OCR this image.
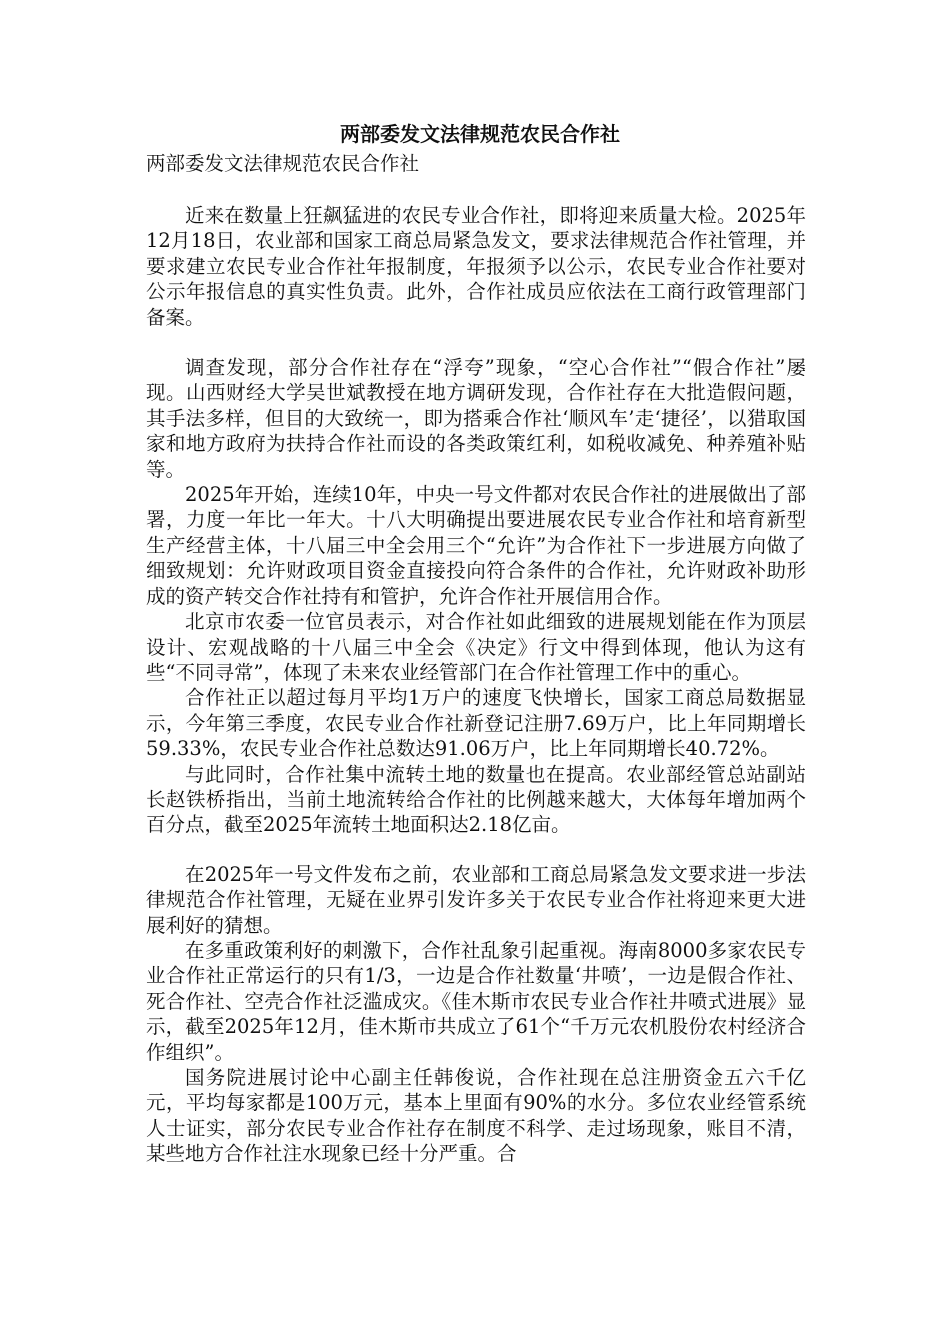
两部委发文法律规范农民合作社

两部委发文法律规范农民合作社

近来在数量上狂飙猛进的农民专业合作社，即将迎来质量大检。2025年12月18日，农业部和国家工商总局紧急发文，要求法律规范合作社管理，并要求建立农民专业合作社年报制度，年报须予以公示，农民专业合作社要对公示年报信息的真实性负责。此外，合作社成员应依法在工商行政管理部门备案。

调查发现，部分合作社存在“浮夸”现象，“空心合作社”“假合作社”屡现。山西财经大学吴世斌教授在地方调研发现，合作社存在大批造假问题，其手法多样，但目的大致统一，即为搭乘合作社‘顺风车’走‘捷径’，以猎取国家和地方政府为扶持合作社而设的各类政策红利，如税收减免、种养殖补贴等。

2025年开始，连续10年，中央一号文件都对农民合作社的进展做出了部署，力度一年比一年大。十八大明确提出要进展农民专业合作社和培育新型生产经营主体，十八届三中全会用三个“允许”为合作社下一步进展方向做了细致规划：允许财政项目资金直接投向符合条件的合作社，允许财政补助形成的资产转交合作社持有和管护，允许合作社开展信用合作。

北京市农委一位官员表示，对合作社如此细致的进展规划能在作为顶层设计、宏观战略的十八届三中全会《决定》行文中得到体现，他认为这有些“不同寻常”，体现了未来农业经管部门在合作社管理工作中的重心。

合作社正以超过每月平均1万户的速度飞快增长，国家工商总局数据显示，今年第三季度，农民专业合作社新登记注册7.69万户，比上年同期增长59.33%，农民专业合作社总数达91.06万户，比上年同期增长40.72%。

与此同时，合作社集中流转土地的数量也在提高。农业部经管总站副站长赵铁桥指出，当前土地流转给合作社的比例越来越大，大体每年增加两个百分点，截至2025年流转土地面积达2.18亿亩。

在2025年一号文件发布之前，农业部和工商总局紧急发文要求进一步法律规范合作社管理，无疑在业界引发许多关于农民专业合作社将迎来更大进展利好的猜想。

在多重政策利好的刺激下，合作社乱象引起重视。海南8000多家农民专业合作社正常运行的只有1/3，一边是合作社数量‘井喷’，一边是假合作社、死合作社、空壳合作社泛滥成灾。《佳木斯市农民专业合作社井喷式进展》显示，截至2025年12月，佳木斯市共成立了61个“千万元农机股份农村经济合作组织”。

国务院进展讨论中心副主任韩俊说，合作社现在总注册资金五六千亿元，平均每家都是100万元，基本上里面有90%的水分。多位农业经管系统人士证实，部分农民专业合作社存在制度不科学、走过场现象，账目不清，某些地方合作社注水现象已经十分严重。合
